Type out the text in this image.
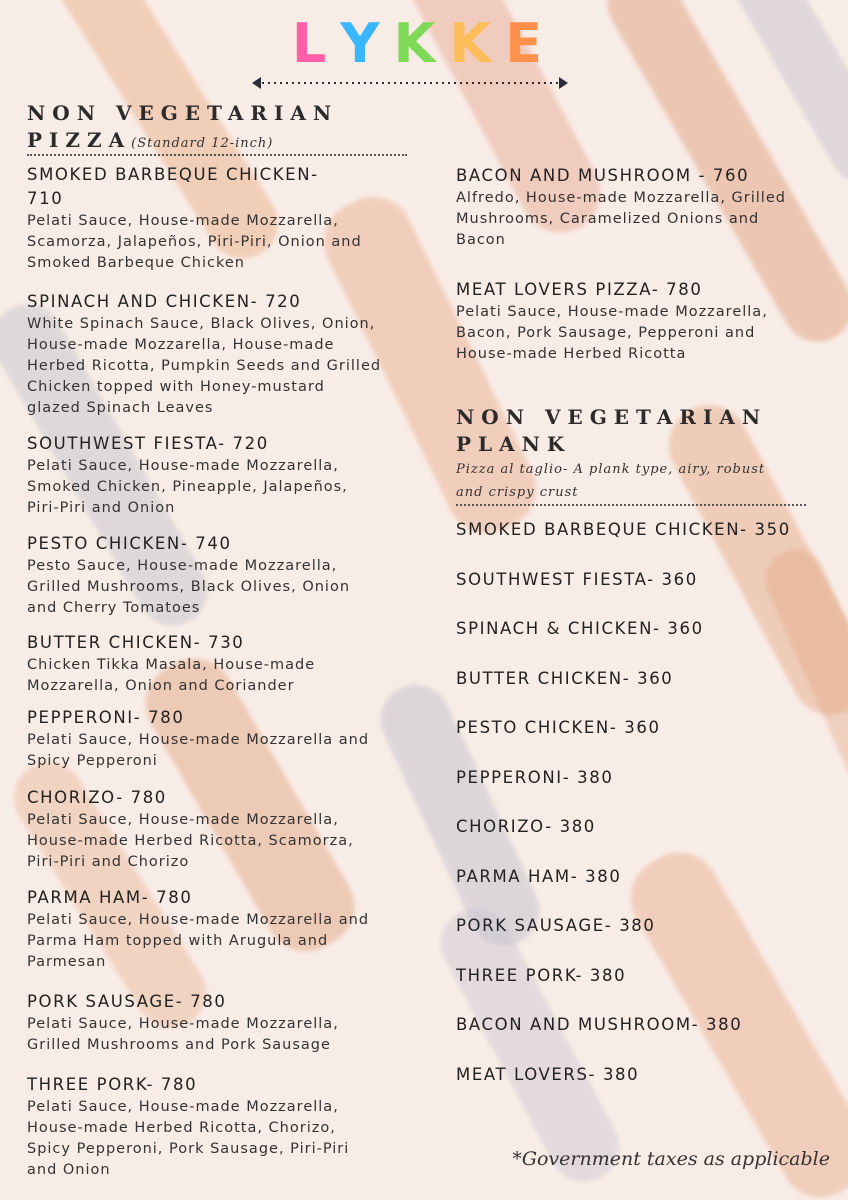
LYKKE
NON VEGETARIAN
PIZZA(Standard 12-inch)
SMOKED BARBEQUE CHICKEN-
710
Pelati Sauce, House-made Mozzarella,
Scamorza, Jalapeños, Piri-Piri, Onion and
Smoked Barbeque Chicken
SPINACH AND CHICKEN- 720
White Spinach Sauce, Black Olives, Onion,
House-made Mozzarella, House-made
Herbed Ricotta, Pumpkin Seeds and Grilled
Chicken topped with Honey-mustard
glazed Spinach Leaves
SOUTHWEST FIESTA- 720
Pelati Sauce, House-made Mozzarella,
Smoked Chicken, Pineapple, Jalapeños,
Piri-Piri and Onion
PESTO CHICKEN- 740
Pesto Sauce, House-made Mozzarella,
Grilled Mushrooms, Black Olives, Onion
and Cherry Tomatoes
BUTTER CHICKEN- 730
Chicken Tikka Masala, House-made
Mozzarella, Onion and Coriander
PEPPERONI- 780
Pelati Sauce, House-made Mozzarella and
Spicy Pepperoni
CHORIZO- 780
Pelati Sauce, House-made Mozzarella,
House-made Herbed Ricotta, Scamorza,
Piri-Piri and Chorizo
PARMA HAM- 780
Pelati Sauce, House-made Mozzarella and
Parma Ham topped with Arugula and
Parmesan
PORK SAUSAGE- 780
Pelati Sauce, House-made Mozzarella,
Grilled Mushrooms and Pork Sausage
THREE PORK- 780
Pelati Sauce, House-made Mozzarella,
House-made Herbed Ricotta, Chorizo,
Spicy Pepperoni, Pork Sausage, Piri-Piri
and Onion
BACON AND MUSHROOM - 760
Alfredo, House-made Mozzarella, Grilled
Mushrooms, Caramelized Onions and
Bacon
MEAT LOVERS PIZZA- 780
Pelati Sauce, House-made Mozzarella,
Bacon, Pork Sausage, Pepperoni and
House-made Herbed Ricotta
NON VEGETARIAN
PLANK
Pizza al taglio- A plank type, airy, robust
and crispy crust
SMOKED BARBEQUE CHICKEN- 350
SOUTHWEST FIESTA- 360
SPINACH & CHICKEN- 360
BUTTER CHICKEN- 360
PESTO CHICKEN- 360
PEPPERONI- 380
CHORIZO- 380
PARMA HAM- 380
PORK SAUSAGE- 380
THREE PORK- 380
BACON AND MUSHROOM- 380
MEAT LOVERS- 380
*Government taxes as applicable
